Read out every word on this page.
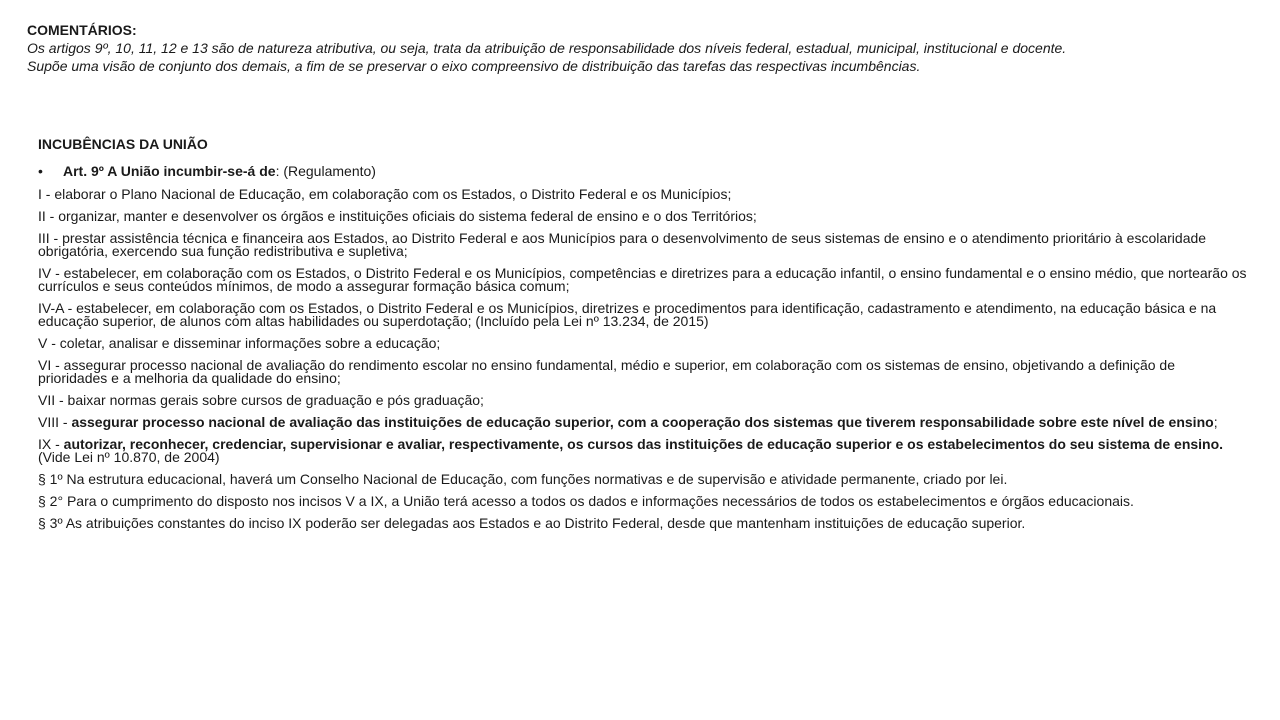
COMENTÁRIOS:
Os artigos 9º, 10, 11, 12 e 13 são de natureza atributiva, ou seja, trata da atribuição de responsabilidade dos níveis federal, estadual, municipal, institucional e docente.
Supõe uma visão de conjunto dos demais, a fim de se preservar o eixo compreensivo de distribuição das tarefas das respectivas incumbências.
INCUBÊNCIAS DA UNIÃO
•	Art. 9º A União incumbir-se-á de: (Regulamento)
I - elaborar o Plano Nacional de Educação, em colaboração com os Estados, o Distrito Federal e os Municípios;
II - organizar, manter e desenvolver os órgãos e instituições oficiais do sistema federal de ensino e o dos Territórios;
III - prestar assistência técnica e financeira aos Estados, ao Distrito Federal e aos Municípios para o desenvolvimento de seus sistemas de ensino e o atendimento prioritário à escolaridade obrigatória, exercendo sua função redistributiva e supletiva;
IV - estabelecer, em colaboração com os Estados, o Distrito Federal e os Municípios, competências e diretrizes para a educação infantil, o ensino fundamental e o ensino médio, que nortearão os currículos e seus conteúdos mínimos, de modo a assegurar formação básica comum;
IV-A - estabelecer, em colaboração com os Estados, o Distrito Federal e os Municípios, diretrizes e procedimentos para identificação, cadastramento e atendimento, na educação básica e na educação superior, de alunos com altas habilidades ou superdotação; (Incluído pela Lei nº 13.234, de 2015)
V - coletar, analisar e disseminar informações sobre a educação;
VI - assegurar processo nacional de avaliação do rendimento escolar no ensino fundamental, médio e superior, em colaboração com os sistemas de ensino, objetivando a definição de prioridades e a melhoria da qualidade do ensino;
VII - baixar normas gerais sobre cursos de graduação e pós graduação;
VIII - assegurar processo nacional de avaliação das instituições de educação superior, com a cooperação dos sistemas que tiverem responsabilidade sobre este nível de ensino;
IX - autorizar, reconhecer, credenciar, supervisionar e avaliar, respectivamente, os cursos das instituições de educação superior e os estabelecimentos do seu sistema de ensino. (Vide Lei nº 10.870, de 2004)
§ 1º Na estrutura educacional, haverá um Conselho Nacional de Educação, com funções normativas e de supervisão e atividade permanente, criado por lei.
§ 2° Para o cumprimento do disposto nos incisos V a IX, a União terá acesso a todos os dados e informações necessários de todos os estabelecimentos e órgãos educacionais.
§ 3º As atribuições constantes do inciso IX poderão ser delegadas aos Estados e ao Distrito Federal, desde que mantenham instituições de educação superior.
